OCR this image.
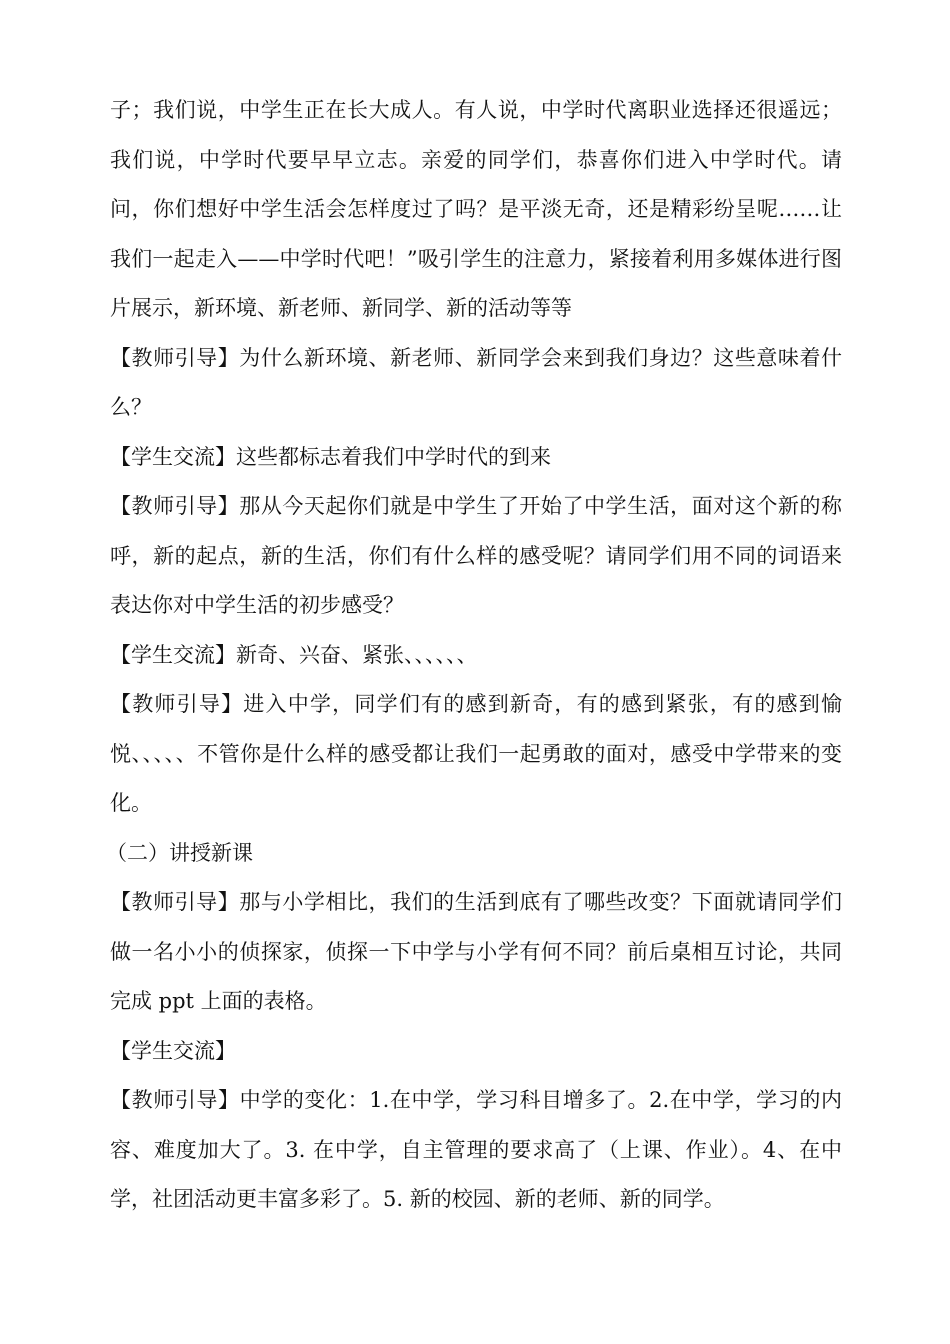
子；我们说，中学生正在长大成人。有人说，中学时代离职业选择还很遥远；我们说，中学时代要早早立志。亲爱的同学们，恭喜你们进入中学时代。请问，你们想好中学生活会怎样度过了吗？是平淡无奇，还是精彩纷呈呢……让我们一起走入——中学时代吧！”吸引学生的注意力，紧接着利用多媒体进行图片展示，新环境、新老师、新同学、新的活动等等

【教师引导】为什么新环境、新老师、新同学会来到我们身边？这些意味着什么？

【学生交流】这些都标志着我们中学时代的到来

【教师引导】那从今天起你们就是中学生了开始了中学生活，面对这个新的称呼，新的起点，新的生活，你们有什么样的感受呢？请同学们用不同的词语来表达你对中学生活的初步感受？

【学生交流】新奇、兴奋、紧张、、、、、、

【教师引导】进入中学，同学们有的感到新奇，有的感到紧张，有的感到愉悦、、、、、不管你是什么样的感受都让我们一起勇敢的面对，感受中学带来的变化。

（二）讲授新课

【教师引导】那与小学相比，我们的生活到底有了哪些改变？下面就请同学们做一名小小的侦探家，侦探一下中学与小学有何不同？前后桌相互讨论，共同完成 ppt 上面的表格。

【学生交流】

【教师引导】中学的变化：1.在中学，学习科目增多了。2.在中学，学习的内容、难度加大了。3. 在中学，自主管理的要求高了（上课、作业）。4、在中学，社团活动更丰富多彩了。5. 新的校园、新的老师、新的同学。
